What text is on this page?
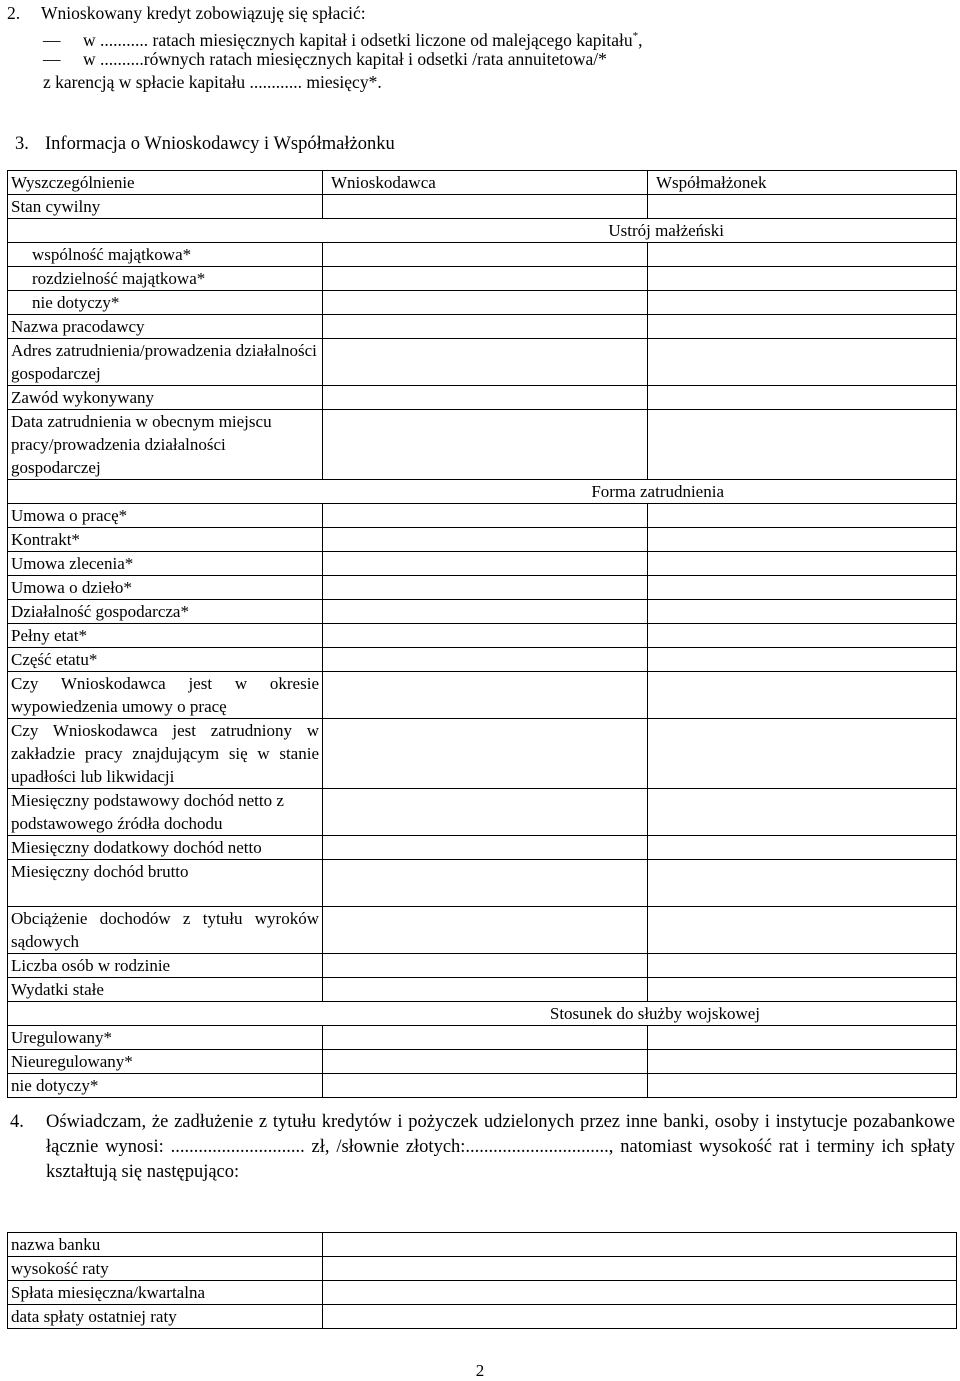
2. Wnioskowany kredyt zobowiązuję się spłacić:
— w ........... ratach miesięcznych kapitał i odsetki liczone od malejącego kapitału*,
— w ..........równych ratach miesięcznych kapitał i odsetki /rata annuitetowa/*
z karencją w spłacie kapitału ............ miesięcy*.
3. Informacja o Wnioskodawcy i Współmałżonku
Wyszczególnienie	Wnioskodawca	Współmałżonek
Stan cywilny		
Ustrój małżeński		
wspólność majątkowa*		
rozdzielność majątkowa*		
nie dotyczy*		
Nazwa pracodawcy		
Adres zatrudnienia/prowadzenia działalności gospodarczej		
Zawód wykonywany		
Data zatrudnienia w obecnym miejscu pracy/prowadzenia działalności gospodarczej		
Forma zatrudnienia		
Umowa o pracę*		
Kontrakt*		
Umowa zlecenia*		
Umowa o dzieło*		
Działalność gospodarcza*		
Pełny etat*		
Część etatu*		
Czy Wnioskodawca jest w okresie wypowiedzenia umowy o pracę		
Czy Wnioskodawca jest zatrudniony w zakładzie pracy znajdującym się w stanie upadłości lub likwidacji		
Miesięczny podstawowy dochód netto z podstawowego źródła dochodu		
Miesięczny dodatkowy dochód netto		
Miesięczny dochód brutto		
Obciążenie dochodów z tytułu wyroków sądowych		
Liczba osób w rodzinie		
Wydatki stałe		
Stosunek do służby wojskowej		
Uregulowany*		
Nieuregulowany*		
nie dotyczy*		
4. Oświadczam, że zadłużenie z tytułu kredytów i pożyczek udzielonych przez inne banki, osoby i instytucje pozabankowe łącznie wynosi: ............................. zł, /słownie złotych:..............................., natomiast wysokość rat i terminy ich spłaty kształtują się następująco:
nazwa banku	
wysokość raty	
Spłata miesięczna/kwartalna	
data spłaty ostatniej raty	
2
